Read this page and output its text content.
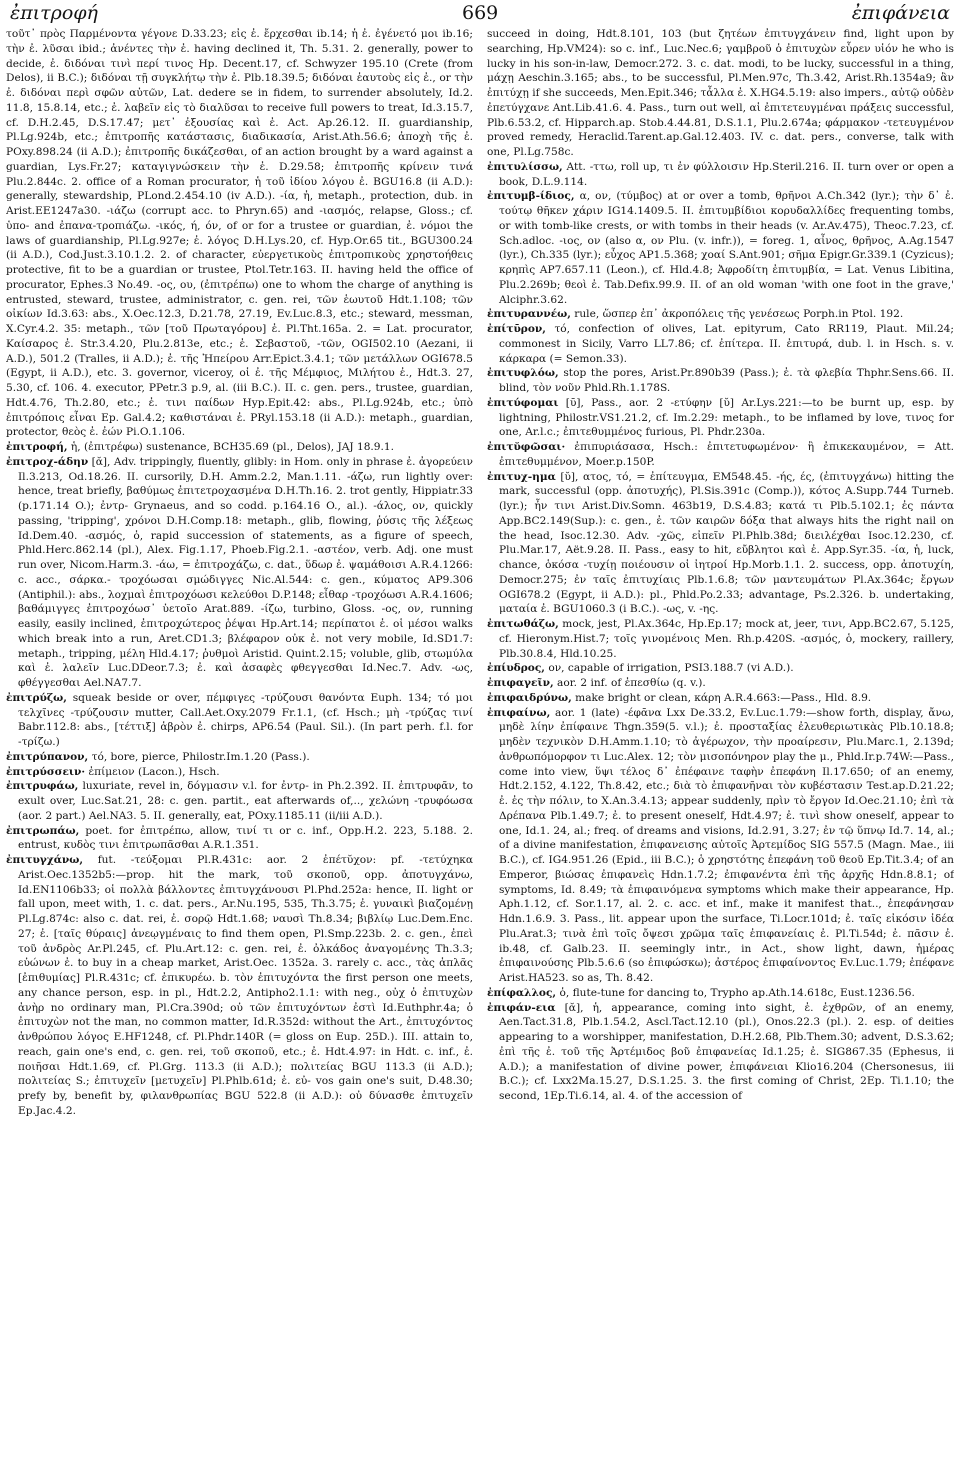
ἐπιτροφή	669	ἐπιφάνεια

τοῦτ᾽ πρὸς Παρμένοντα γέγονε D.33.23; εἰς ἐ. ἔρχεσθαι ib.14; ἡ ἐ. ἐγένετό μοι ib.16; τὴν ἐ. λῦσαι ibid.; ἀνέντες τὴν ἐ. having declined it, Th. 5.31. 2. generally, power to decide, ἐ. διδόναι τινὶ περί τινος Hp. Decent.17, cf. Schwyzer 195.10 (Crete (from Delos), ii B.C.); διδόναι τῇ συγκλήτῳ τὴν ἐ. Plb.18.39.5; διδόναι ἑαυτοὺς εἰς ἐ., or τὴν ἐ. διδόναι περὶ σφῶν αὐτῶν, Lat. dedere se in fidem, to surrender absolutely, Id.2. 11.8, 15.8.14, etc.; ἐ. λαβεῖν εἰς τὸ διαλῦσαι to receive full powers to treat, Id.3.15.7, cf. D.H.2.45, D.S.17.47; μετ᾽ ἐξουσίας καὶ ἐ. Act. Ap.26.12. II. guardianship, Pl.Lg.924b, etc.; ἐπιτροπῆς κατάστασις, διαδικασία, Arist.Ath.56.6; ἀποχὴ τῆς ἐ. POxy.898.24 (ii A.D.); ἐπιτροπῆς δικάζεσθαι, of an action brought by a ward against a guardian, Lys.Fr.27; καταγιγνώσκειν τὴν ἐ. D.29.58; ἐπιτροπῆς κρίνειν τινά Plu.2.844c. 2. office of a Roman procurator, ἡ τοῦ ἰδίου λόγου ἐ. BGU16.8 (ii A.D.): generally, stewardship, PLond.2.454.10 (iv A.D.). -ία, ἡ, metaph., protection, dub. in Arist.EE1247a30. -ιάζω (corrupt acc. to Phryn.65) and -ιασμός, relapse, Gloss.; cf. ὑπο- and ἐπανα-τροπιάζω. -ικός, ή, όν, of or for a trustee or guardian, ἐ. νόμοι the laws of guardianship, Pl.Lg.927e; ἐ. λόγος D.H.Lys.20, cf. Hyp.Or.65 tit., BGU300.24 (ii A.D.), Cod.Just.3.10.1.2. 2. of character, εὐεργετικοὺς ἐπιτροπικοὺς χρηστοήθεις protective, fit to be a guardian or trustee, Ptol.Tetr.163. II. having held the office of procurator, Ephes.3 No.49. -ος, ου, (ἐπιτρέπω) one to whom the charge of anything is entrusted, steward, trustee, administrator, c. gen. rei, τῶν ἑωυτοῦ Hdt.1.108; τῶν οἰκίων Id.3.63: abs., X.Oec.12.3, D.21.78, 27.19, Ev.Luc.8.3, etc.; steward, messman, X.Cyr.4.2. 35: metaph., τῶν [τοῦ Πρωταγόρου] ἐ. Pl.Tht.165a. 2. = Lat. procurator, Καίσαρος ἐ. Str.3.4.20, Plu.2.813e, etc.; ἐ. Σεβαστοῦ, -τῶν, OGI502.10 (Aezani, ii A.D.), 501.2 (Tralles, ii A.D.); ἐ. τῆς Ἠπείρου Arr.Epict.3.4.1; τῶν μετάλλων OGI678.5 (Egypt, ii A.D.), etc. 3. governor, viceroy, οἱ ἐ. τῆς Μέμφιος, Μιλήτου ἐ., Hdt.3. 27, 5.30, cf. 106. 4. executor, PPetr.3 p.9, al. (iii B.C.). II. c. gen. pers., trustee, guardian, Hdt.4.76, Th.2.80, etc.; ἐ. τινι παίδων Hyp.Epit.42: abs., Pl.Lg.924b, etc.; ὑπὸ ἐπιτρόποις εἶναι Ep. Gal.4.2; καθιστάναι ἐ. PRyl.153.18 (ii A.D.): metaph., guardian, protector, θεὸς ἐ. ἐών Pi.O.1.106.

ἐπιτροφή, ἡ, (ἐπιτρέφω) sustenance, BCH35.69 (pl., Delos), JAJ 18.9.1.

ἐπιτροχ-άδην [ᾰ], Adv. trippingly, fluently, glibly: in Hom. only in phrase ἐ. ἀγορεύειν Il.3.213, Od.18.26. II. cursorily, D.H. Amm.2.2, Man.1.11. -άζω, run lightly over: hence, treat briefly, βαθύμως ἐπιτετροχασμένα D.H.Th.16. 2. trot gently, Hippiatr.33 (p.171.14 O.); ἐντρ- Grynaeus, and so codd. p.164.16 O., al.). -άλος, ον, quickly passing, 'tripping', χρόνοι D.H.Comp.18: metaph., glib, flowing, ῥύσις τῆς λέξεως Id.Dem.40. -ασμός, ὁ, rapid succession of statements, as a figure of speech, Phld.Herc.862.14 (pl.), Alex. Fig.1.17, Phoeb.Fig.2.1. -αστέον, verb. Adj. one must run over, Nicom.Harm.3. -άω, = ἐπιτροχάζω, c. dat., ὕδωρ ἐ. ψαμάθοισι A.R.4.1266: c. acc., σάρκα.- τροχόωσαι σμώδιγγες Nic.Al.544: c. gen., κύματος AP9.306 (Antiphil.): abs., λοχμαὶ ἐπιτροχόωσι κελεύθοι D.P.148; εἶθαρ -τροχόωσι A.R.4.1606; βαθάμιγγες ἐπιτροχόωσ᾽ ὑετοῖο Arat.889. -ίζω, turbino, Gloss. -ος, ον, running easily, easily inclined, ἐπιτροχώτερος ῥέψαι Hp.Art.14; περίπατοι ἐ. οἱ μέσοι walks which break into a run, Aret.CD1.3; βλέφαρον οὐκ ἐ. not very mobile, Id.SD1.7: metaph., tripping, μέλη Hld.4.17; ῥυθμοὶ Aristid. Quint.2.15; voluble, glib, στωμύλα καὶ ἐ. λαλεῖν Luc.DDeor.7.3; ἐ. καὶ ἀσαφὲς φθεγγεσθαι Id.Nec.7. Adv. -ως, φθέγγεσθαι Ael.NA7.7.

ἐπιτρύζω, squeak beside or over, πέμφιγες -τρύζουσι θανόντα Euph. 134; τό μοι τελχῖνες -τρύζουσιν mutter, Call.Aet.Oxy.2079 Fr.1.1, (cf. Hsch.; μὴ -τρύζας τινί Babr.112.8: abs., [τέττιξ] ἁβρὸν ἐ. chirps, AP6.54 (Paul. Sil.). (In part perh. f.l. for -τρίζω.)

ἐπιτρύπανον, τό, bore, pierce, Philostr.Im.1.20 (Pass.).

ἐπιτρύσσειν· ἐπίμειον (Lacon.), Hsch.

ἐπιτρυφάω, luxuriate, revel in, δόγμασιν v.l. for ἐντρ- in Ph.2.392. II. ἐπιτρυφᾶν, to exult over, Luc.Sat.21, 28: c. gen. partit., eat afterwards of,.., χελώνη -τρυφόωσα (aor. 2 part.) Ael.NA3. 5. II. generally, eat, POxy.1185.11 (ii/iii A.D.).

ἐπιτρωπάω, poet. for ἐπιτρέπω, allow, τινί τι or c. inf., Opp.H.2. 223, 5.188. 2. entrust, κυδὸς τινι ἐπιτρωπᾶσθαι A.R.1.351.

ἐπιτυγχάνω, fut. -τεύξομαι Pl.R.431c: aor. 2 ἐπέτῠχον: pf. -τετύχηκα Arist.Oec.1352b5:—prop. hit the mark, τοῦ σκοποῦ, opp. ἀποτυγχάνω, Id.EN1106b33; οἱ πολλὰ βάλλοντες ἐπιτυγχάνουσι Pl.Phd.252a: hence, II. light or fall upon, meet with, 1. c. dat. pers., Ar.Nu.195, 535, Th.3.75; ἐ. γυναικὶ βιαζομένῃ Pl.Lg.874c: also c. dat. rei, ἐ. σορῷ Hdt.1.68; ναυσὶ Th.8.34; βιβλίῳ Luc.Dem.Enc. 27; ἐ. [ταῖς θύραις] ἀνεῳγμέναις to find them open, Pl.Smp.223b. 2. c. gen., ἐπεὶ τοῦ ἀνδρὸς Ar.Pl.245, cf. Plu.Art.12: c. gen. rei, ἐ. ὀλκάδος ἀναγομένης Th.3.3; εὐώνων ἐ. to buy in a cheap market, Arist.Oec. 1352a. 3. rarely c. acc., τὰς ἁπλᾶς [ἐπιθυμίας] Pl.R.431c; cf. ἐπικυρέω. b. τὸν ἐπιτυχόντα the first person one meets, any chance person, esp. in pl., Hdt.2.2, Antipho2.1.1: with neg., οὐχ ὁ ἐπιτυχὼν ἀνὴρ no ordinary man, Pl.Cra.390d; οὐ τῶν ἐπιτυχόντων ἐστὶ Id.Euthphr.4a; ὁ ἐπιτυχὼν not the man, no common matter, Id.R.352d: without the Art., ἐπιτυχόντος ἀνθρώπου λόγος E.HF1248, cf. Pl.Phdr.140R (= gloss on Eup. 25D.). III. attain to, reach, gain one's end, c. gen. rei, τοῦ σκοποῦ, etc.; ἐ. Hdt.4.97: in Hdt. c. inf., ἐ. ποιῆσαι Hdt.1.69, cf. Pl.Grg. 113.3 (ii A.D.); πολιτείας BGU 113.3 (ii A.D.); πολιτείας S.; ἐπιτυχεῖν [μετυχεῖν] Pl.Phlb.61d; ἐ. εὐ- vos gain one's suit, D.48.30; prefy by, benefit by, φιλανθρωπίας BGU 522.8 (ii A.D.): οὐ δύνασθε ἐπιτυχεῖν Ep.Jac.4.2.

succeed in doing, Hdt.8.101, 103 (but ζητέων ἐπιτυγχάνειν find, light upon by searching, Hp.VM24): so c. inf., Luc.Nec.6; γαμβροῦ ὁ ἐπιτυχὼν εὗρεν υἱόν he who is lucky in his son-in-law, Democr.272. 3. c. dat. modi, to be lucky, successful in a thing, μάχῃ Aeschin.3.165; abs., to be successful, Pl.Men.97c, Th.3.42, Arist.Rh.1354a9; ἂν ἐπιτύχῃ if she succeeds, Men.Epit.346; τἆλλα ἐ. X.HG4.5.19: also impers., αὐτῷ οὐδὲν ἐπετύγχανε Ant.Lib.41.6. 4. Pass., turn out well, αἱ ἐπιτετευγμέναι πράξεις successful, Plb.6.53.2, cf. Hipparch.ap. Stob.4.44.81, D.S.1.1, Plu.2.674a; φάρμακον -τετευγμένον proved remedy, Heraclid.Tarent.ap.Gal.12.403. IV. c. dat. pers., converse, talk with one, Pl.Lg.758c.

ἐπιτυλίσσω, Att. -ττω, roll up, τι ἐν φύλλοισιν Hp.Steril.216. II. turn over or open a book, D.L.9.114.

ἐπιτυμβ-ίδιος, α, ον, (τύμβος) at or over a tomb, θρῆνοι A.Ch.342 (lyr.); τὴν δ᾽ ἐ. τούτῳ θῆκεν χάριν IG14.1409.5. II. ἐπιτυμβίδιοι κορυδαλλίδες frequenting tombs, or with tomb-like crests, or with tombs in their heads (v. Ar.Av.475), Theoc.7.23, cf. Sch.adloc. -ιος, ον (also α, ον Plu. (v. infr.)), = foreg. 1, αἶνος, θρῆνος, A.Ag.1547 (lyr.), Ch.335 (lyr.); εὖχος AP1.5.368; χοαί S.Ant.901; σῆμα Epigr.Gr.339.1 (Cyzicus); κρηπὶς AP7.657.11 (Leon.), cf. Hld.4.8; Ἀφροδίτη ἐπιτυμβία, = Lat. Venus Libitina, Plu.2.269b; θεοὶ ἐ. Tab.Defix.99.9. II. of an old woman 'with one foot in the grave,' Alciphr.3.62.

ἐπιτυραννέω, rule, ὥσπερ ἐπ᾽ ἀκροπόλεις τῆς γενέσεως Porph.in Ptol. 192.

ἐπίτῡρον, τό, confection of olives, Lat. epityrum, Cato RR119, Plaut. Mil.24; commonest in Sicily, Varro LL7.86; cf. ἐπίτερα. II. ἐπιτυρά, dub. l. in Hsch. s. v. κάρκαρα (= Semon.33).

ἐπιτυφλόω, stop the pores, Arist.Pr.890b39 (Pass.); ἐ. τὰ φλεβία Thphr.Sens.66. II. blind, τὸν νοῦν Phld.Rh.1.178S.

ἐπιτύφομαι [ῡ], Pass., aor. 2 -ετύφην [ῠ] Ar.Lys.221:—to be burnt up, esp. by lightning, Philostr.VS1.21.2, cf. Im.2.29: metaph., to be inflamed by love, τινος for one, Ar.l.c.; ἐπιτεθυμμένος furious, Pl. Phdr.230a.

ἐπιτῠφῶσαι· ἐπιπυριάσασα, Hsch.: ἐπιτετυφωμένον· ἢ ἐπικεκαυμένον, = Att. ἐπιτεθυμμένον, Moer.p.150P.

ἐπιτυχ-ημα [ῠ], ατος, τό, = ἐπίτευγμα, EM548.45. -ής, ές, (ἐπιτυγχάνω) hitting the mark, successful (opp. ἀποτυχής), Pl.Sis.391c (Comp.)), κότος A.Supp.744 Turneb. (lyr.); ἦν τινι Arist.Div.Somn. 463b19, D.S.4.83; κατά τι Plb.5.102.1; ἐς πάντα App.BC2.149(Sup.): c. gen., ἐ. τῶν καιρῶν δόξα that always hits the right nail on the head, Isoc.12.30. Adv. -χῶς, εἰπεῖν Pl.Phlb.38d; διειλέχθαι Isoc.12.230, cf. Plu.Mar.17, Aët.9.28. II. Pass., easy to hit, εὔβλητοι καὶ ἐ. App.Syr.35. -ία, ἡ, luck, chance, ὁκόσα -τυχίῃ ποιέουσιν οἱ ἰητροί Hp.Morb.1.1. 2. success, opp. ἀποτυχίη, Democr.275; ἐν ταῖς ἐπιτυχίαις Plb.1.6.8; τῶν μαντευμάτων Pl.Ax.364c; ἔργων OGI678.2 (Egypt, ii A.D.): pl., Phld.Po.2.33; advantage, Ps.2.326. b. undertaking, ματαία ἐ. BGU1060.3 (i B.C.). -ως, v. -ης.

ἐπιτωθάζω, mock, jest, Pl.Ax.364c, Hp.Ep.17; mock at, jeer, τινι, App.BC2.67, 5.125, cf. Hieronym.Hist.7; τοῖς γινομένοις Men. Rh.p.420S. -ασμός, ὁ, mockery, raillery, Plb.30.8.4, Hld.10.25.

ἐπίυδρος, ον, capable of irrigation, PSI3.188.7 (vi A.D.).

ἐπιφαγεῖν, aor. 2 inf. of ἐπεσθίω (q. v.).

ἐπιφαιδρύνω, make bright or clean, κάρη A.R.4.663:—Pass., Hld. 8.9.

ἐπιφαίνω, aor. 1 (late) -έφᾱνα Lxx De.33.2, Ev.Luc.1.79:—show forth, display, ἄνω, μηδὲ λίην ἐπίφαινε Thgn.359(5. v.l.); ἐ. προσταξίας ἐλευθεριωτικὰς Plb.10.18.8; μηδὲν τεχνικὸν D.H.Amm.1.10; τὸ ἀγέρωχον, τὴν προαίρεσιν, Plu.Marc.1, 2.139d; ἀνθρωπόμορφον τι Luc.Alex. 12; τὸν μισοπόνηρον play the μ., Phld.Ir.p.74W:—Pass., come into view, ὕψι τέλος δ᾽ ἐπέφαινε ταφὴν ἐπεφάνη Il.17.650; of an enemy, Hdt.2.152, 4.122, Th.8.42, etc.; διὰ τὸ ἐπιφανῆναι τὸν κυβέστασιν Test.ap.D.21.22; ἐ. ἐς τὴν πόλιν, to X.An.3.4.13; appear suddenly, πρὶν τὸ ἔργον Id.Oec.21.10; ἐπὶ τὰ Δρέπανα Plb.1.49.7; ἐ. to present oneself, Hdt.4.97; ἐ. τινὶ show oneself, appear to one, Id.1. 24, al.; freq. of dreams and visions, Id.2.91, 3.27; ἐν τῷ ὕπνῳ Id.7. 14, al.; of a divine manifestation, ἐπιφανεισης αὐτοῖς Ἀρτεμίδος SIG 557.5 (Magn. Mae., iii B.C.), cf. IG4.951.26 (Epid., iii B.C.); ὁ χρηστότης ἐπεφάνη τοῦ θεοῦ Ep.Tit.3.4; of an Emperor, βιώσας ἐπιφανεὶς Hdn.1.7.2; ἐπιφανέντα ἐπὶ τῆς ἀρχῆς Hdn.8.8.1; of symptoms, Id. 8.49; τὰ ἐπιφαινόμενα symptoms which make their appearance, Hp. Aph.1.12, cf. Sor.1.17, al. 2. c. acc. et inf., make it manifest that.., ἐπεφάνησαν Hdn.1.6.9. 3. Pass., lit. appear upon the surface, Ti.Locr.101d; ἐ. ταῖς εἰκόσιν ἰδέα Plu.Arat.3; τινὰ ἐπὶ τοῖς ὄψεσι χρῶμα ταῖς ἐπιφανείαις ἐ. Pl.Ti.54d; ἐ. πᾶσιν ἐ. ib.48, cf. Galb.23. II. seemingly intr., in Act., show light, dawn, ἡμέρας ἐπιφαινούσης Plb.5.6.6 (so ἐπιφώσκω); ἀστέρος ἐπιφαίνοντος Ev.Luc.1.79; ἐπέφανε Arist.HA523. so as, Th. 8.42.

ἐπίφαλλος, ὁ, flute-tune for dancing to, Trypho ap.Ath.14.618c, Eust.1236.56.

ἐπιφάν-εια [ᾰ], ἡ, appearance, coming into sight, ἐ. ἐχθρῶν, of an enemy, Aen.Tact.31.8, Plb.1.54.2, Ascl.Tact.12.10 (pl.), Onos.22.3 (pl.). 2. esp. of deities appearing to a worshipper, manifestation, D.H.2.68, Plb.Them.30; advent, D.S.3.62; ἐπὶ τῆς ἐ. τοῦ τῆς Ἀρτέμιδος βοῦ ἐπιφανείας Id.1.25; ἐ. SIG867.35 (Ephesus, ii A.D.); a manifestation of divine power, ἐπιφάνειαι Klio16.204 (Chersonesus, iii B.C.); cf. Lxx2Ma.15.27, D.S.1.25. 3. the first coming of Christ, 2Ep. Ti.1.10; the second, 1Ep.Ti.6.14, al. 4. of the accession of
